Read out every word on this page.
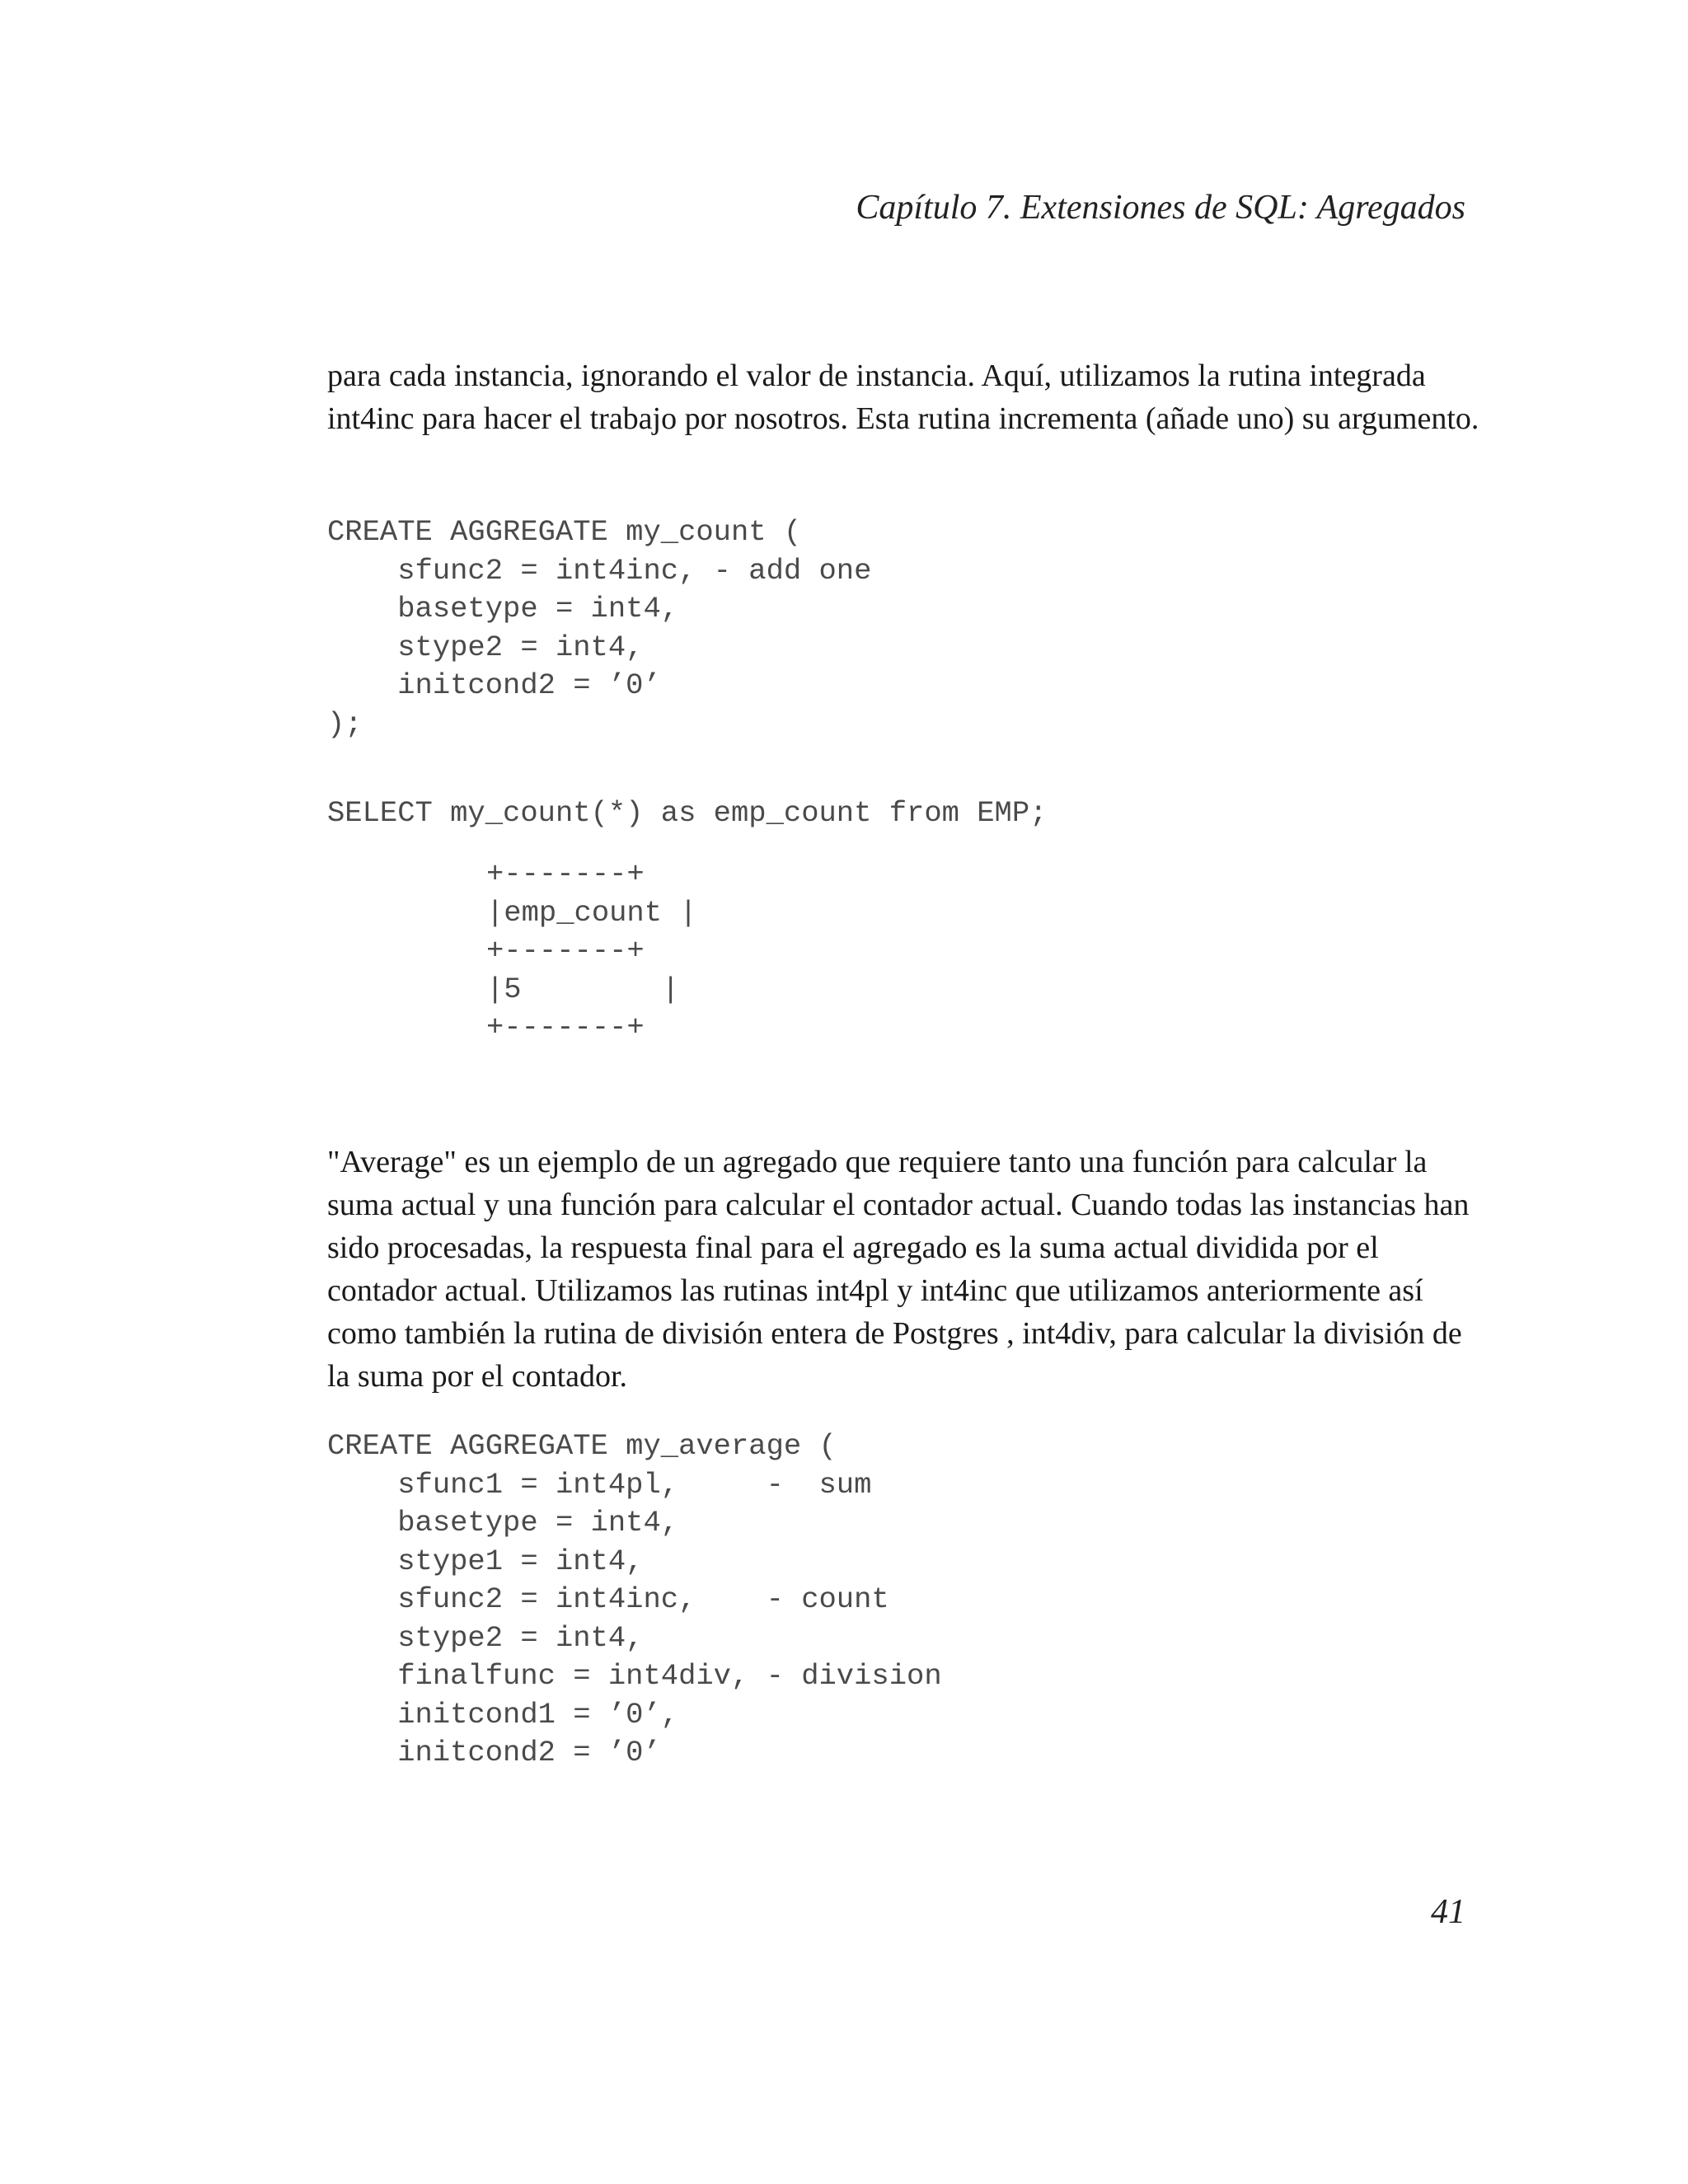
Capítulo 7. Extensiones de SQL: Agregados

para cada instancia, ignorando el valor de instancia. Aquí, utilizamos la rutina integrada int4inc para hacer el trabajo por nosotros. Esta rutina incrementa (añade uno) su argumento.

CREATE AGGREGATE my_count (
sfunc2 = int4inc, - add one
basetype = int4,
stype2 = int4,
initcond2 = ’0’
);
SELECT my_count(*) as emp_count from EMP;
+-------+
|emp_count |
+-------+
|5        |
+-------+

"Average" es un ejemplo de un agregado que requiere tanto una función para calcular la suma actual y una función para calcular el contador actual. Cuando todas las instancias han sido procesadas, la respuesta final para el agregado es la suma actual dividida por el contador actual. Utilizamos las rutinas int4pl y int4inc que utilizamos anteriormente así como también la rutina de división entera de Postgres , int4div, para calcular la división de la suma por el contador.

CREATE AGGREGATE my_average (
sfunc1 = int4pl,     -  sum
basetype = int4,
stype1 = int4,
sfunc2 = int4inc,    - count
stype2 = int4,
finalfunc = int4div, - division
initcond1 = ’0’,
initcond2 = ’0’
41
